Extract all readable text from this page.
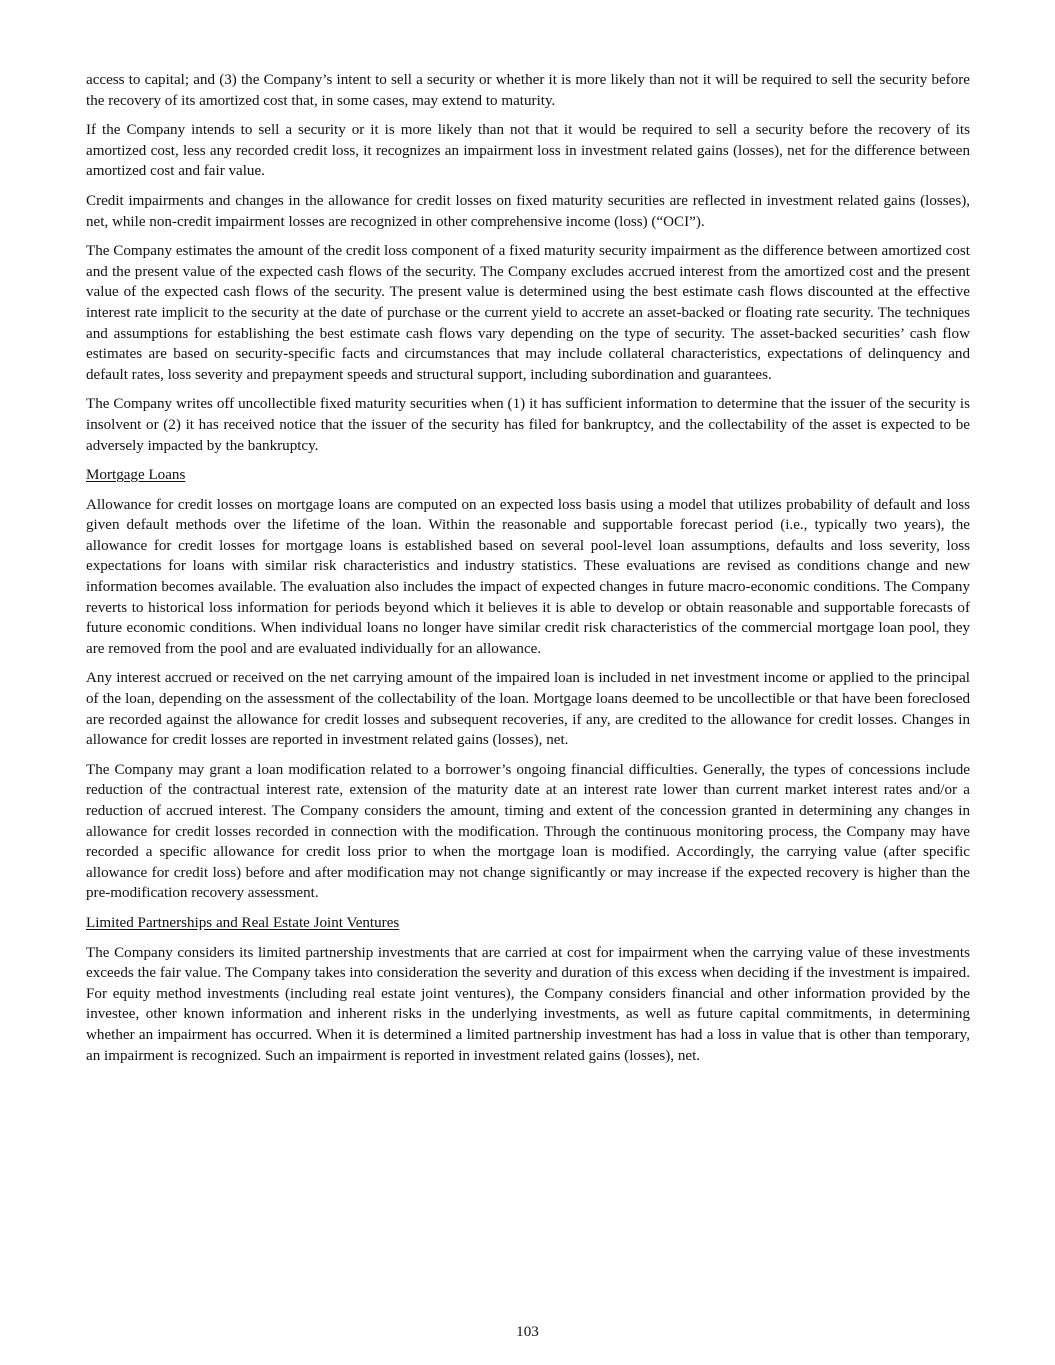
access to capital; and (3) the Company’s intent to sell a security or whether it is more likely than not it will be required to sell the security before the recovery of its amortized cost that, in some cases, may extend to maturity.

If the Company intends to sell a security or it is more likely than not that it would be required to sell a security before the recovery of its amortized cost, less any recorded credit loss, it recognizes an impairment loss in investment related gains (losses), net for the difference between amortized cost and fair value.

Credit impairments and changes in the allowance for credit losses on fixed maturity securities are reflected in investment related gains (losses), net, while non-credit impairment losses are recognized in other comprehensive income (loss) (“OCI”).

The Company estimates the amount of the credit loss component of a fixed maturity security impairment as the difference between amortized cost and the present value of the expected cash flows of the security. The Company excludes accrued interest from the amortized cost and the present value of the expected cash flows of the security. The present value is determined using the best estimate cash flows discounted at the effective interest rate implicit to the security at the date of purchase or the current yield to accrete an asset-backed or floating rate security. The techniques and assumptions for establishing the best estimate cash flows vary depending on the type of security. The asset-backed securities’ cash flow estimates are based on security-specific facts and circumstances that may include collateral characteristics, expectations of delinquency and default rates, loss severity and prepayment speeds and structural support, including subordination and guarantees.

The Company writes off uncollectible fixed maturity securities when (1) it has sufficient information to determine that the issuer of the security is insolvent or (2) it has received notice that the issuer of the security has filed for bankruptcy, and the collectability of the asset is expected to be adversely impacted by the bankruptcy.

Mortgage Loans

Allowance for credit losses on mortgage loans are computed on an expected loss basis using a model that utilizes probability of default and loss given default methods over the lifetime of the loan. Within the reasonable and supportable forecast period (i.e., typically two years), the allowance for credit losses for mortgage loans is established based on several pool-level loan assumptions, defaults and loss severity, loss expectations for loans with similar risk characteristics and industry statistics. These evaluations are revised as conditions change and new information becomes available. The evaluation also includes the impact of expected changes in future macro-economic conditions. The Company reverts to historical loss information for periods beyond which it believes it is able to develop or obtain reasonable and supportable forecasts of future economic conditions. When individual loans no longer have similar credit risk characteristics of the commercial mortgage loan pool, they are removed from the pool and are evaluated individually for an allowance.

Any interest accrued or received on the net carrying amount of the impaired loan is included in net investment income or applied to the principal of the loan, depending on the assessment of the collectability of the loan. Mortgage loans deemed to be uncollectible or that have been foreclosed are recorded against the allowance for credit losses and subsequent recoveries, if any, are credited to the allowance for credit losses. Changes in allowance for credit losses are reported in investment related gains (losses), net.

The Company may grant a loan modification related to a borrower’s ongoing financial difficulties. Generally, the types of concessions include reduction of the contractual interest rate, extension of the maturity date at an interest rate lower than current market interest rates and/or a reduction of accrued interest. The Company considers the amount, timing and extent of the concession granted in determining any changes in allowance for credit losses recorded in connection with the modification. Through the continuous monitoring process, the Company may have recorded a specific allowance for credit loss prior to when the mortgage loan is modified. Accordingly, the carrying value (after specific allowance for credit loss) before and after modification may not change significantly or may increase if the expected recovery is higher than the pre-modification recovery assessment.

Limited Partnerships and Real Estate Joint Ventures

The Company considers its limited partnership investments that are carried at cost for impairment when the carrying value of these investments exceeds the fair value. The Company takes into consideration the severity and duration of this excess when deciding if the investment is impaired. For equity method investments (including real estate joint ventures), the Company considers financial and other information provided by the investee, other known information and inherent risks in the underlying investments, as well as future capital commitments, in determining whether an impairment has occurred. When it is determined a limited partnership investment has had a loss in value that is other than temporary, an impairment is recognized. Such an impairment is reported in investment related gains (losses), net.

103
